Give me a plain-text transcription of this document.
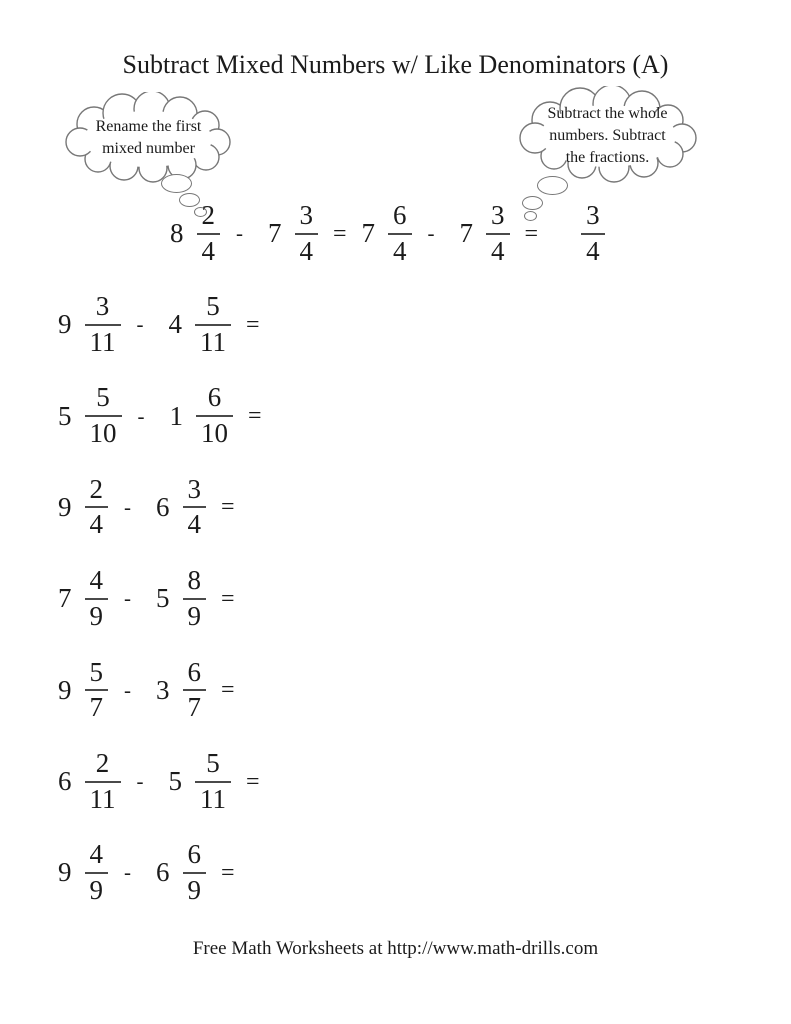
Subtract Mixed Numbers w/ Like Denominators (A)
Rename the first
mixed number
Subtract the whole
numbers. Subtract
the fractions.
$8 \frac{2}{4} - 7 \frac{3}{4} = 7 \frac{6}{4} - 7 \frac{3}{4} = \frac{3}{4}$
$9 \frac{3}{11} - 4 \frac{5}{11}$ =
$5 \frac{5}{10} - 1 \frac{6}{10}$ =
$9 \frac{2}{4} - 6 \frac{3}{4}$ =
$7 \frac{4}{9} - 5 \frac{8}{9}$ =
$9 \frac{5}{7} - 3 \frac{6}{7}$ =
$6 \frac{2}{11} - 5 \frac{5}{11}$ =
$9 \frac{4}{9} - 6 \frac{6}{9}$ =
Free Math Worksheets at http://www.math-drills.com
